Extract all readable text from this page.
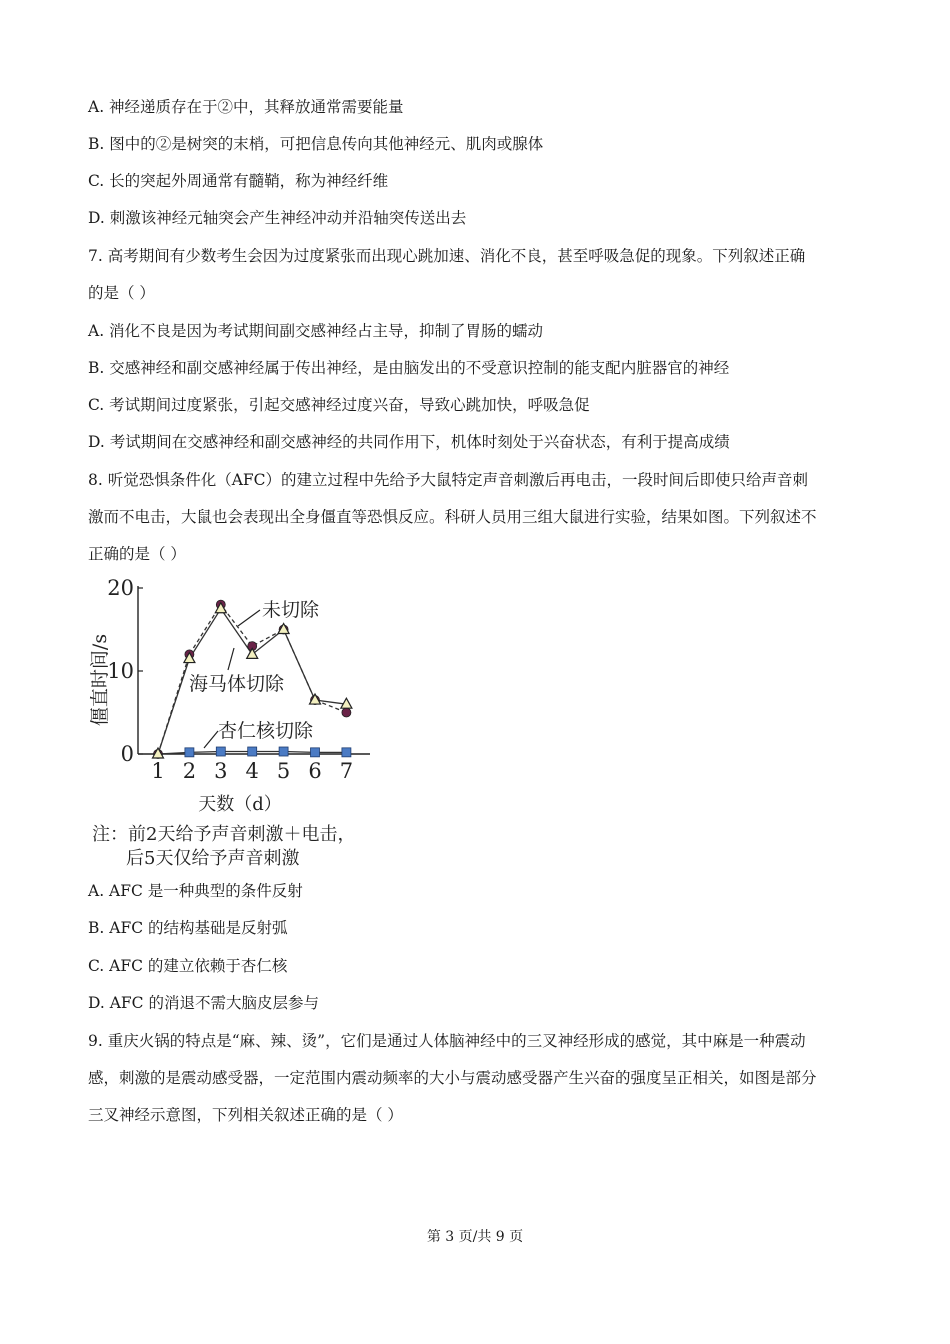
A. 神经递质存在于②中，其释放通常需要能量
B. 图中的②是树突的末梢，可把信息传向其他神经元、肌肉或腺体
C. 长的突起外周通常有髓鞘，称为神经纤维
D. 刺激该神经元轴突会产生神经冲动并沿轴突传送出去
7. 高考期间有少数考生会因为过度紧张而出现心跳加速、消化不良，甚至呼吸急促的现象。下列叙述正确
的是（ ）
A. 消化不良是因为考试期间副交感神经占主导，抑制了胃肠的蠕动
B. 交感神经和副交感神经属于传出神经，是由脑发出的不受意识控制的能支配内脏器官的神经
C. 考试期间过度紧张，引起交感神经过度兴奋，导致心跳加快，呼吸急促
D. 考试期间在交感神经和副交感神经的共同作用下，机体时刻处于兴奋状态，有利于提高成绩
8. 听觉恐惧条件化（AFC）的建立过程中先给予大鼠特定声音刺激后再电击，一段时间后即使只给声音刺
激而不电击，大鼠也会表现出全身僵直等恐惧反应。科研人员用三组大鼠进行实验，结果如图。下列叙述不
正确的是（ ）
0
10
20
1 2 3 4 5 6 7
僵直时间/s
天数（d）
未切除
海马体切除
杏仁核切除
注：前2天给予声音刺激＋电击，
后5天仅给予声音刺激
A. AFC 是一种典型的条件反射
B. AFC 的结构基础是反射弧
C. AFC 的建立依赖于杏仁核
D. AFC 的消退不需大脑皮层参与
9. 重庆火锅的特点是“麻、辣、烫”，它们是通过人体脑神经中的三叉神经形成的感觉，其中麻是一种震动
感，刺激的是震动感受器，一定范围内震动频率的大小与震动感受器产生兴奋的强度呈正相关，如图是部分
三叉神经示意图，下列相关叙述正确的是（ ）
第 3 页/共 9 页
